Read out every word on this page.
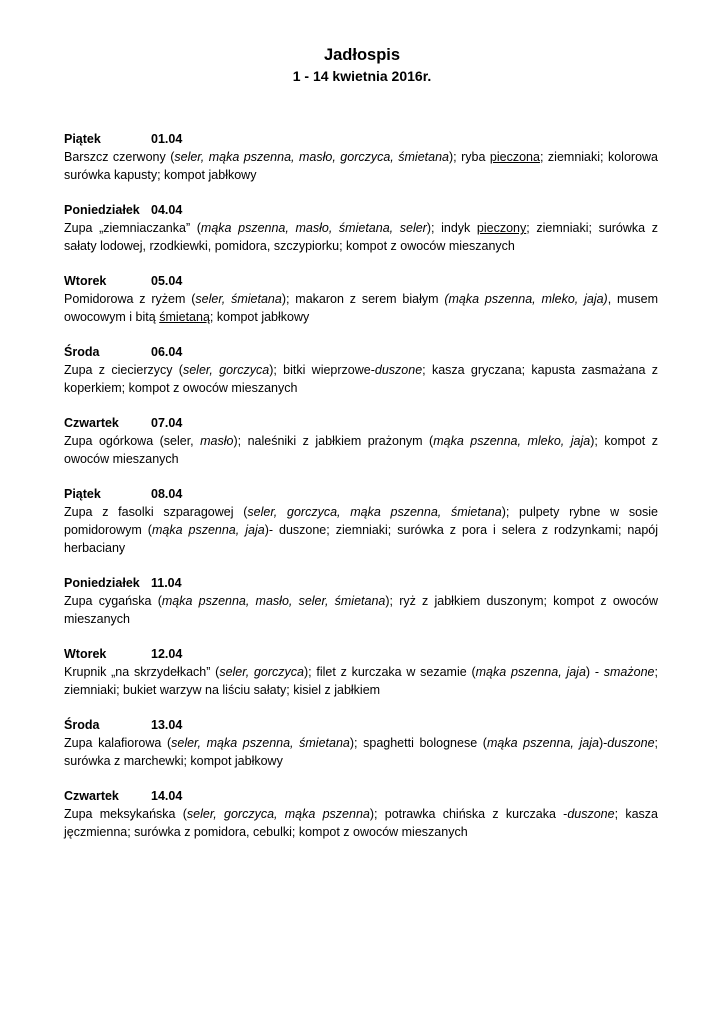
Jadłospis
1 - 14 kwietnia 2016r.
Piątek	01.04
Barszcz czerwony (seler, mąka pszenna, masło, gorczyca, śmietana); ryba pieczona; ziemniaki; kolorowa surówka kapusty; kompot jabłkowy
Poniedziałek 04.04
Zupa „ziemniaczanka” (mąka pszenna, masło, śmietana, seler); indyk pieczony; ziemniaki; surówka z sałaty lodowej, rzodkiewki, pomidora, szczypiorku; kompot z owoców mieszanych
Wtorek	05.04
Pomidorowa z ryżem (seler, śmietana); makaron z serem białym (mąka pszenna, mleko, jaja), musem owocowym i bitą śmietaną; kompot jabłkowy
Środa	06.04
Zupa z ciecierzycy (seler, gorczyca); bitki wieprzowe-duszone; kasza gryczana; kapusta zasmażana z koperkiem; kompot z owoców mieszanych
Czwartek	07.04
Zupa ogórkowa (seler, masło); naleśniki z jabłkiem prażonym (mąka pszenna, mleko, jaja); kompot z owoców mieszanych
Piątek	08.04
Zupa z fasolki szparagowej (seler, gorczyca, mąka pszenna, śmietana); pulpety rybne w sosie pomidorowym (mąka pszenna, jaja)- duszone; ziemniaki; surówka z pora i selera z rodzynkami; napój herbaciany
Poniedziałek 11.04
Zupa cygańska (mąka pszenna, masło, seler, śmietana); ryż z jabłkiem duszonym; kompot z owoców mieszanych
Wtorek	12.04
Krupnik „na skrzydełkach” (seler, gorczyca); filet z kurczaka w sezamie (mąka pszenna, jaja) - smażone; ziemniaki; bukiet warzyw na liściu sałaty; kisiel z jabłkiem
Środa	13.04
Zupa kalafiorowa (seler, mąka pszenna, śmietana); spaghetti bolognese (mąka pszenna, jaja)-duszone; surówka z marchewki; kompot jabłkowy
Czwartek	14.04
Zupa meksykańska (seler, gorczyca, mąka pszenna); potrawka chińska z kurczaka -duszone; kasza jęczmienna; surówka z pomidora, cebulki; kompot z owoców mieszanych
